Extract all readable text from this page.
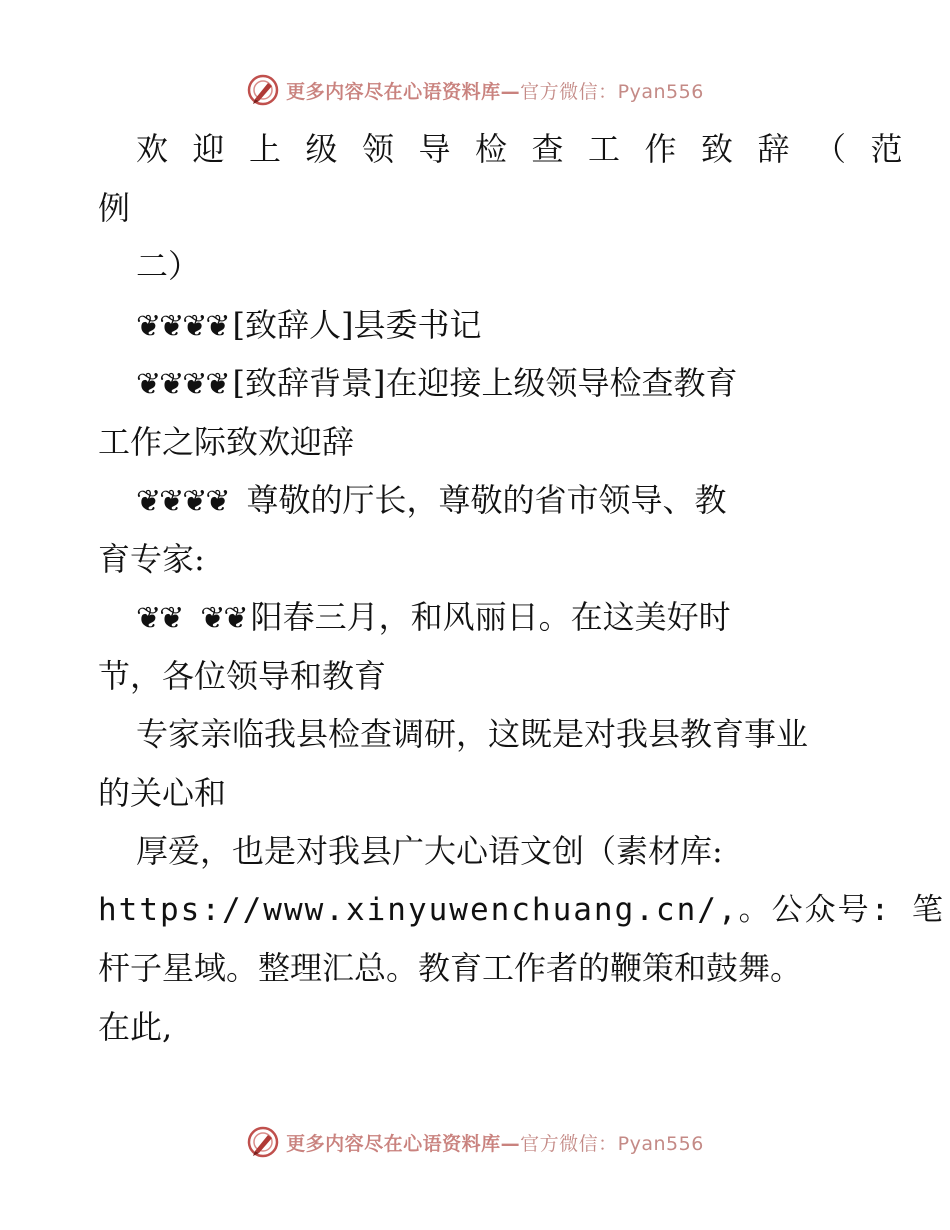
更多内容尽在心语资料库—官方微信：Pyan556
欢迎上级领导检查工作致辞（范
例
二）
❦❦❦❦ [致辞人]县委书记
❦❦❦❦ [致辞背景]在迎接上级领导检查教育
工作之际致欢迎辞
❦❦❦❦ 尊敬的厅长，尊敬的省市领导、教
育专家:
❦❦ ❦❦ 阳春三月，和风丽日。在这美好时
节，各位领导和教育
专家亲临我县检查调研，这既是对我县教育事业
的关心和
厚爱，也是对我县广大心语文创（素材库:
https://www.xinyuwenchuang.cn/,。公众号: 笔
杆子星域。整理汇总。教育工作者的鞭策和鼓舞。
在此,
更多内容尽在心语资料库—官方微信：Pyan556
